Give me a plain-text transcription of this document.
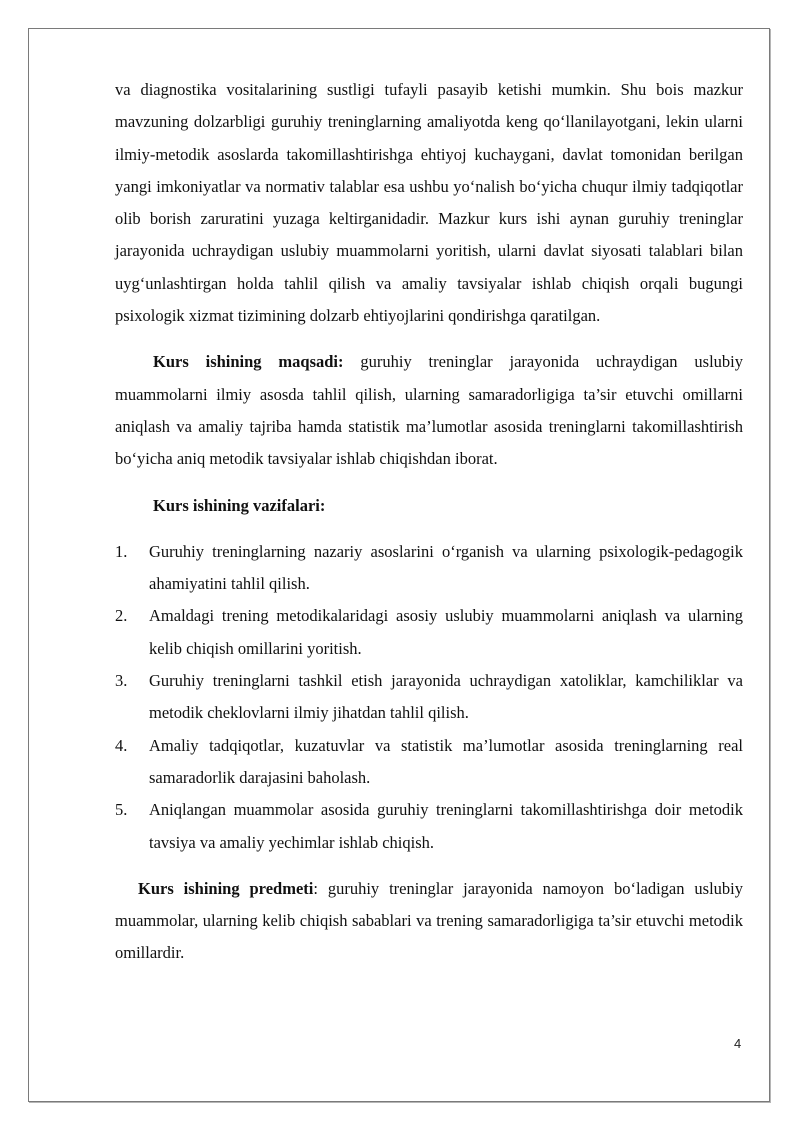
va diagnostika vositalarining sustligi tufayli pasayib ketishi mumkin. Shu bois mazkur mavzuning dolzarbligi guruhiy treninglarning amaliyotda keng qo‘llanilayotgani, lekin ularni ilmiy-metodik asoslarda takomillashtirishga ehtiyoj kuchaygani, davlat tomonidan berilgan yangi imkoniyatlar va normativ talablar esa ushbu yo‘nalish bo‘yicha chuqur ilmiy tadqiqotlar olib borish zaruratini yuzaga keltirganidadir. Mazkur kurs ishi aynan guruhiy treninglar jarayonida uchraydigan uslubiy muammolarni yoritish, ularni davlat siyosati talablari bilan uyg‘unlashtirgan holda tahlil qilish va amaliy tavsiyalar ishlab chiqish orqali bugungi psixologik xizmat tizimining dolzarb ehtiyojlarini qondirishga qaratilgan.

Kurs ishining maqsadi: guruhiy treninglar jarayonida uchraydigan uslubiy muammolarni ilmiy asosda tahlil qilish, ularning samaradorligiga ta’sir etuvchi omillarni aniqlash va amaliy tajriba hamda statistik ma’lumotlar asosida treninglarni takomillashtirish bo‘yicha aniq metodik tavsiyalar ishlab chiqishdan iborat.

Kurs ishining vazifalari:

1. Guruhiy treninglarning nazariy asoslarini o‘rganish va ularning psixologik-pedagogik ahamiyatini tahlil qilish.
2. Amaldagi trening metodikalaridagi asosiy uslubiy muammolarni aniqlash va ularning kelib chiqish omillarini yoritish.
3. Guruhiy treninglarni tashkil etish jarayonida uchraydigan xatoliklar, kamchiliklar va metodik cheklovlarni ilmiy jihatdan tahlil qilish.
4. Amaliy tadqiqotlar, kuzatuvlar va statistik ma’lumotlar asosida treninglarning real samaradorlik darajasini baholash.
5. Aniqlangan muammolar asosida guruhiy treninglarni takomillashtirishga doir metodik tavsiya va amaliy yechimlar ishlab chiqish.

Kurs ishining predmeti: guruhiy treninglar jarayonida namoyon bo‘ladigan uslubiy muammolar, ularning kelib chiqish sabablari va trening samaradorligiga ta’sir etuvchi metodik omillardir.

4
